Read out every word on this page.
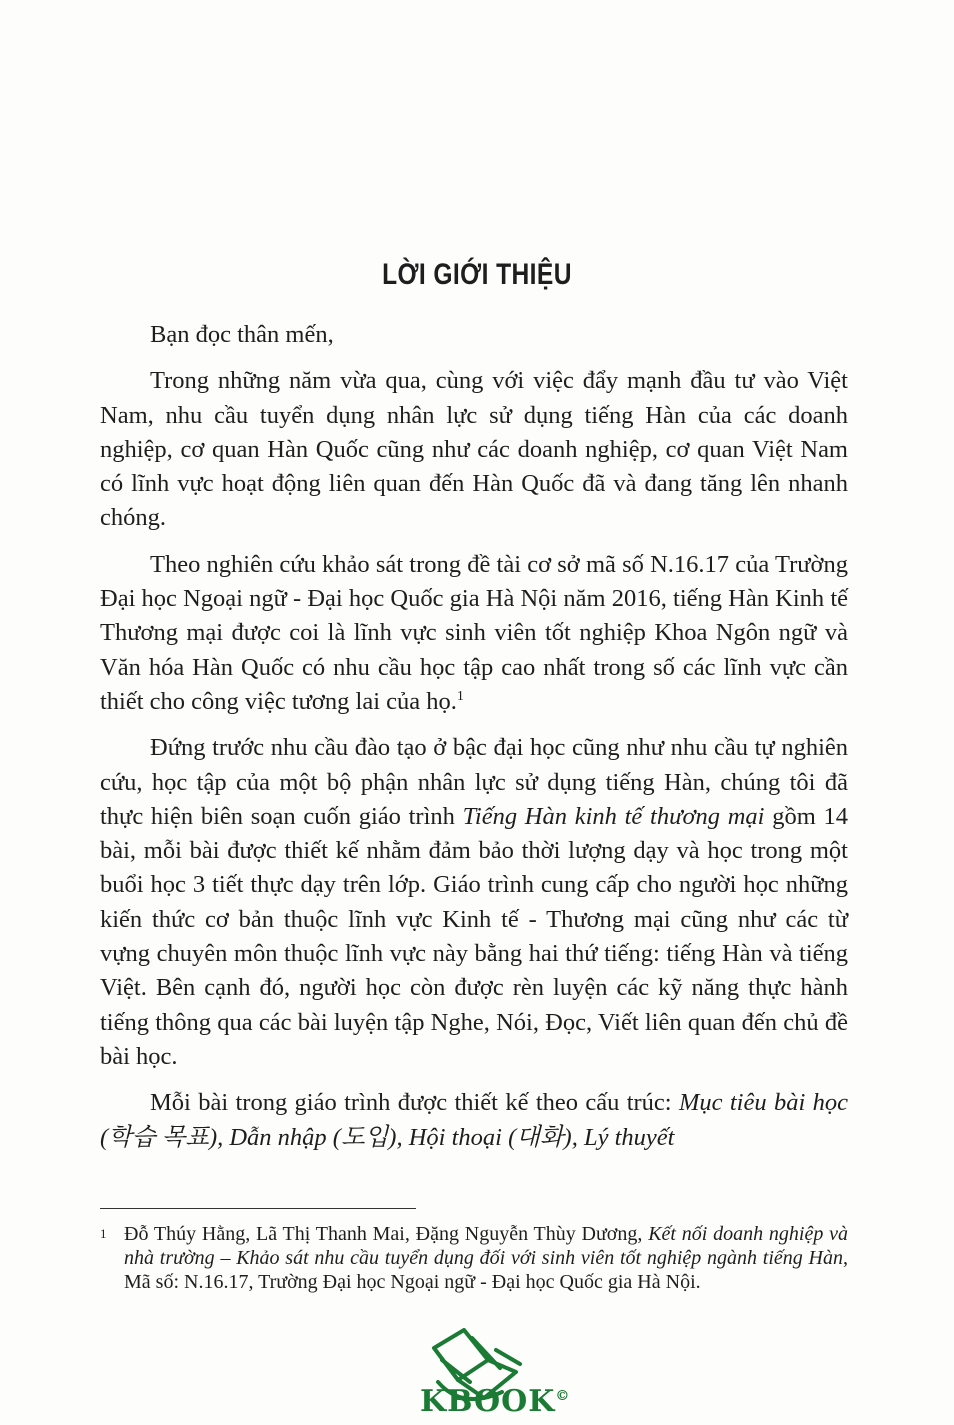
LỜI GIỚI THIỆU

Bạn đọc thân mến,

Trong những năm vừa qua, cùng với việc đẩy mạnh đầu tư vào Việt Nam, nhu cầu tuyển dụng nhân lực sử dụng tiếng Hàn của các doanh nghiệp, cơ quan Hàn Quốc cũng như các doanh nghiệp, cơ quan Việt Nam có lĩnh vực hoạt động liên quan đến Hàn Quốc đã và đang tăng lên nhanh chóng.

Theo nghiên cứu khảo sát trong đề tài cơ sở mã số N.16.17 của Trường Đại học Ngoại ngữ - Đại học Quốc gia Hà Nội năm 2016, tiếng Hàn Kinh tế Thương mại được coi là lĩnh vực sinh viên tốt nghiệp Khoa Ngôn ngữ và Văn hóa Hàn Quốc có nhu cầu học tập cao nhất trong số các lĩnh vực cần thiết cho công việc tương lai của họ.$^1$

Đứng trước nhu cầu đào tạo ở bậc đại học cũng như nhu cầu tự nghiên cứu, học tập của một bộ phận nhân lực sử dụng tiếng Hàn, chúng tôi đã thực hiện biên soạn cuốn giáo trình Tiếng Hàn kinh tế thương mại gồm 14 bài, mỗi bài được thiết kế nhằm đảm bảo thời lượng dạy và học trong một buổi học 3 tiết thực dạy trên lớp. Giáo trình cung cấp cho người học những kiến thức cơ bản thuộc lĩnh vực Kinh tế - Thương mại cũng như các từ vựng chuyên môn thuộc lĩnh vực này bằng hai thứ tiếng: tiếng Hàn và tiếng Việt. Bên cạnh đó, người học còn được rèn luyện các kỹ năng thực hành tiếng thông qua các bài luyện tập Nghe, Nói, Đọc, Viết liên quan đến chủ đề bài học.

Mỗi bài trong giáo trình được thiết kế theo cấu trúc: Mục tiêu bài học (학습 목표), Dẫn nhập (도입), Hội thoại (대화), Lý thuyết

1 Đỗ Thúy Hằng, Lã Thị Thanh Mai, Đặng Nguyễn Thùy Dương, Kết nối doanh nghiệp và nhà trường – Khảo sát nhu cầu tuyển dụng đối với sinh viên tốt nghiệp ngành tiếng Hàn, Mã số: N.16.17, Trường Đại học Ngoại ngữ - Đại học Quốc gia Hà Nội.
KBOOK©
